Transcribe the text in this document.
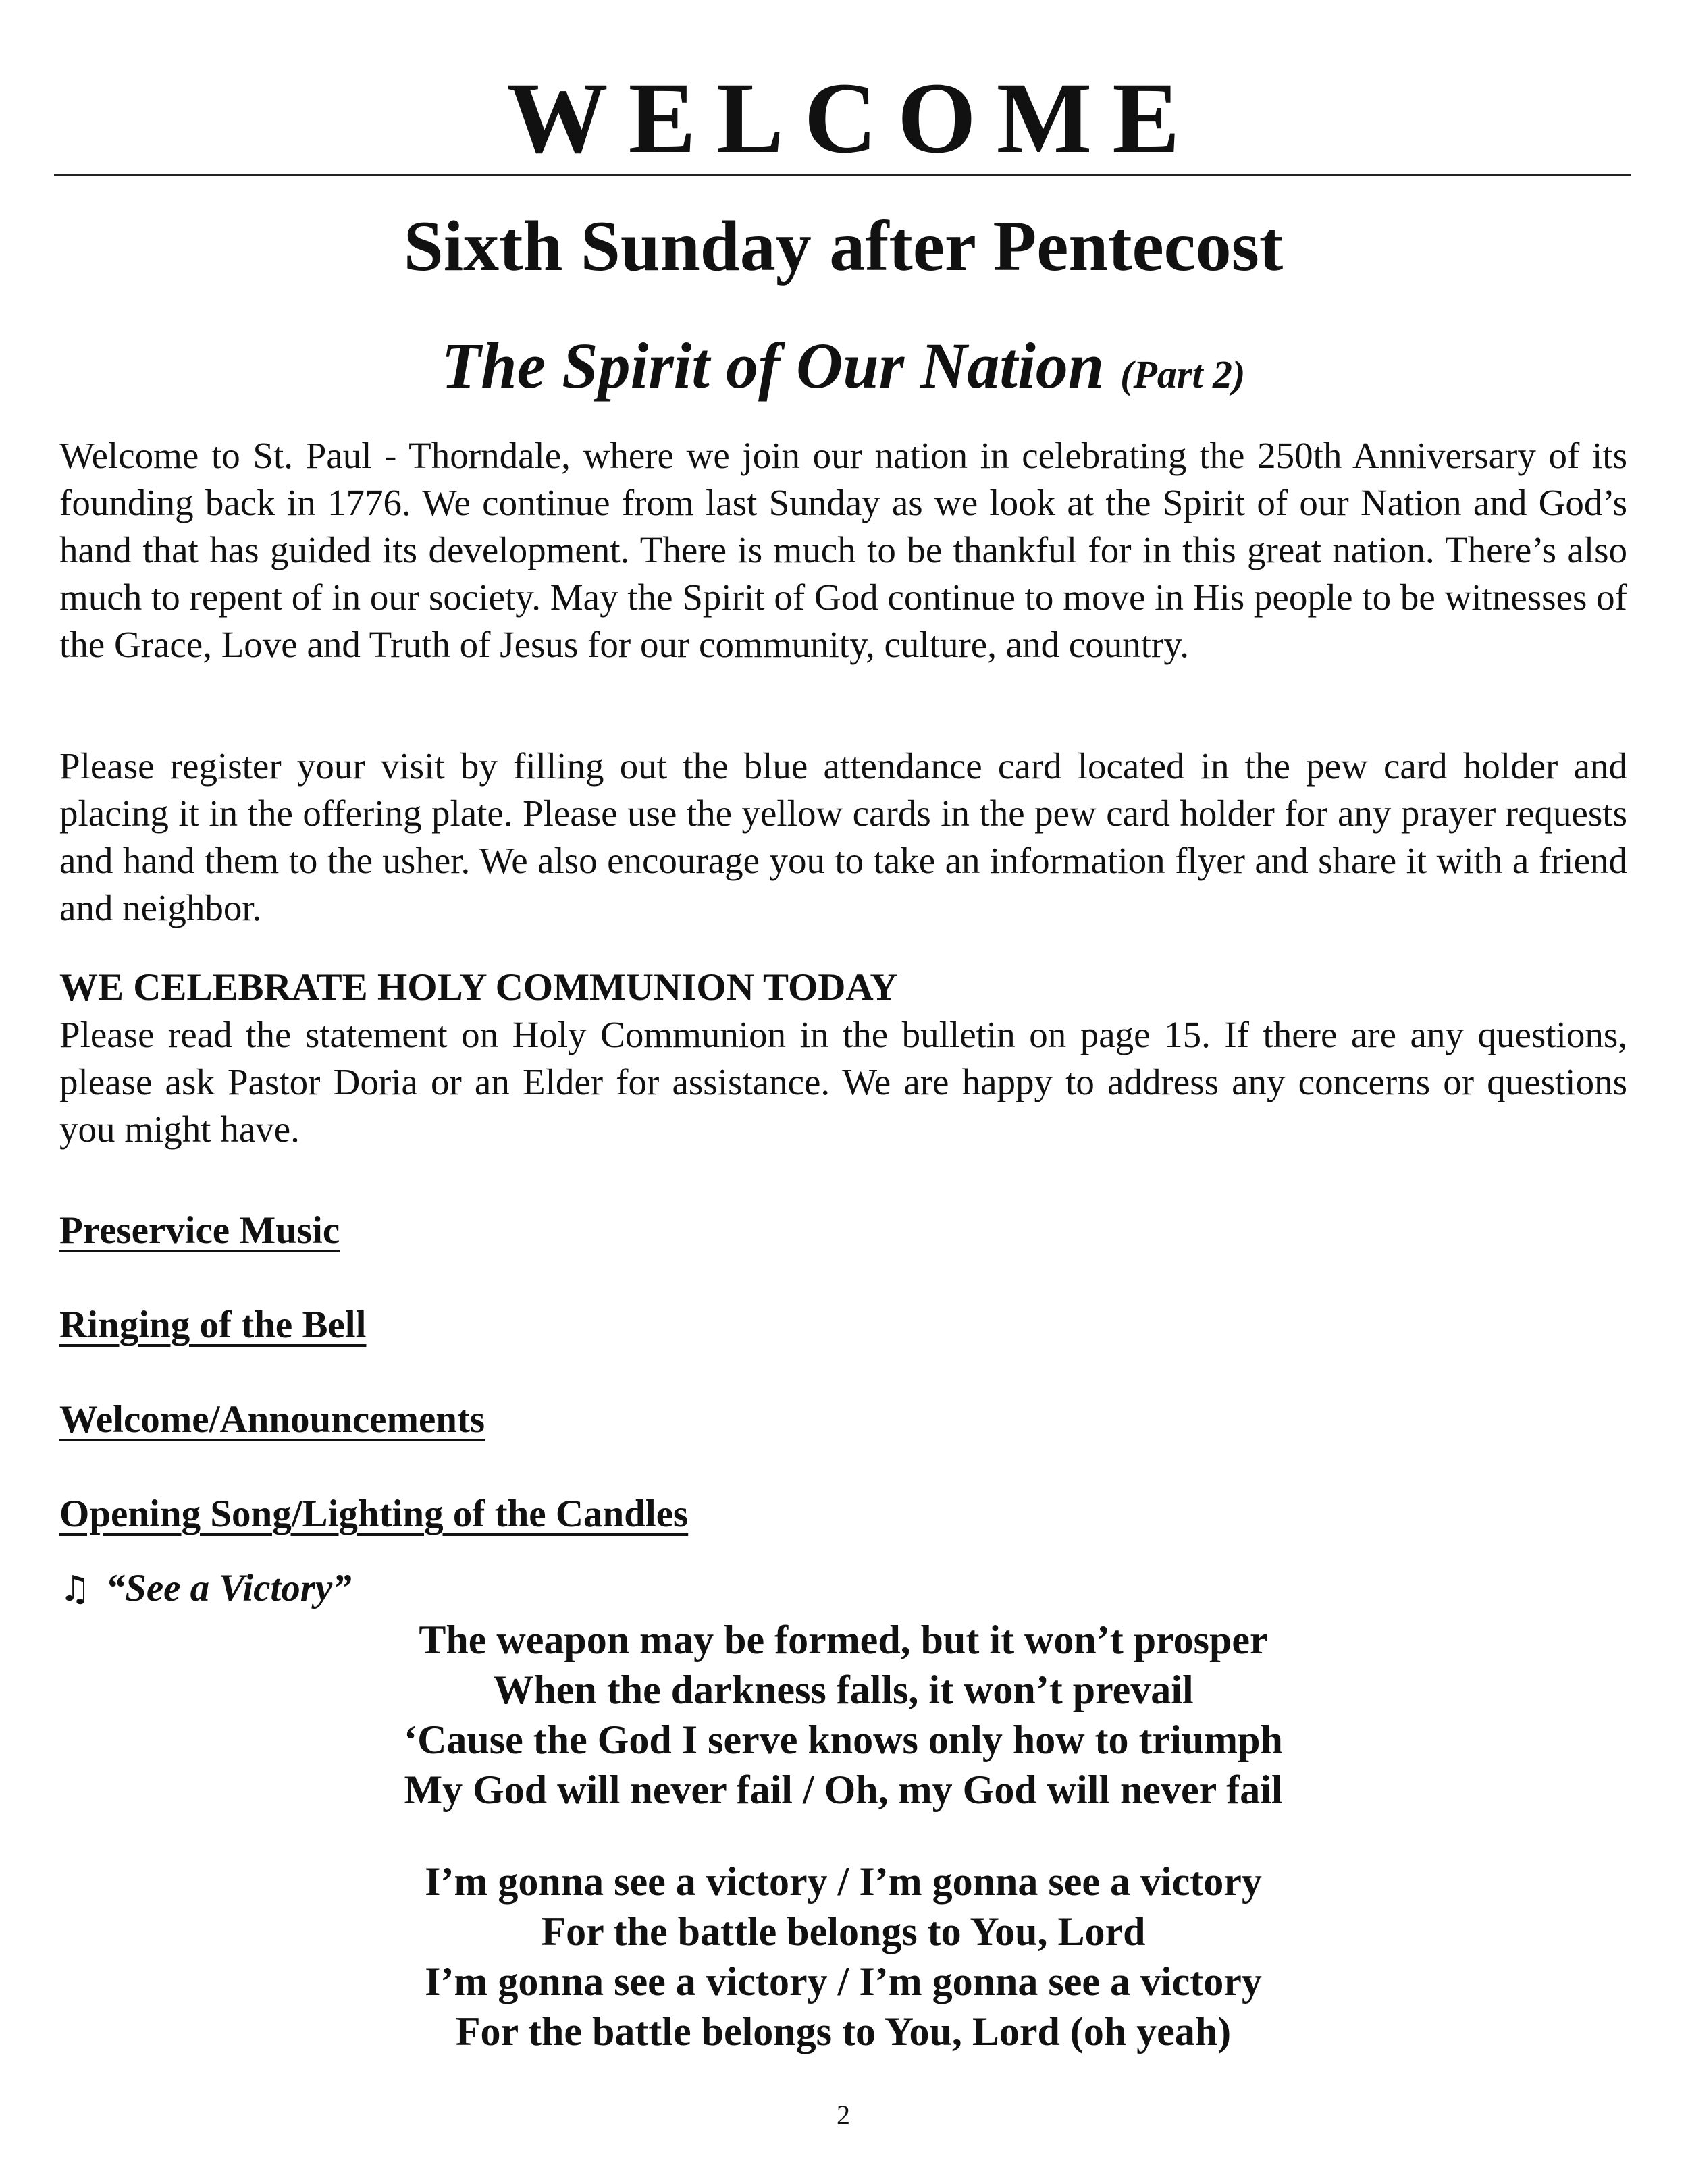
WELCOME
Sixth Sunday after Pentecost
The Spirit of Our Nation (Part 2)

Welcome to St. Paul - Thorndale, where we join our nation in celebrating the 250th Anniversary of its founding back in 1776. We continue from last Sunday as we look at the Spirit of our Nation and God’s hand that has guided its development. There is much to be thankful for in this great nation. There’s also much to repent of in our society. May the Spirit of God continue to move in His people to be witnesses of the Grace, Love and Truth of Jesus for our community, culture, and country.

Please register your visit by filling out the blue attendance card located in the pew card holder and placing it in the offering plate. Please use the yellow cards in the pew card holder for any prayer requests and hand them to the usher. We also encourage you to take an information flyer and share it with a friend and neighbor.

WE CELEBRATE HOLY COMMUNION TODAY

Please read the statement on Holy Communion in the bulletin on page 15. If there are any questions, please ask Pastor Doria or an Elder for assistance. We are happy to address any concerns or questions you might have.

Preservice Music
Ringing of the Bell
Welcome/Announcements
Opening Song/Lighting of the Candles
♫ “See a Victory”
The weapon may be formed, but it won’t prosper
When the darkness falls, it won’t prevail
‘Cause the God I serve knows only how to triumph
My God will never fail / Oh, my God will never fail
I’m gonna see a victory / I’m gonna see a victory
For the battle belongs to You, Lord
I’m gonna see a victory / I’m gonna see a victory
For the battle belongs to You, Lord (oh yeah)
2
